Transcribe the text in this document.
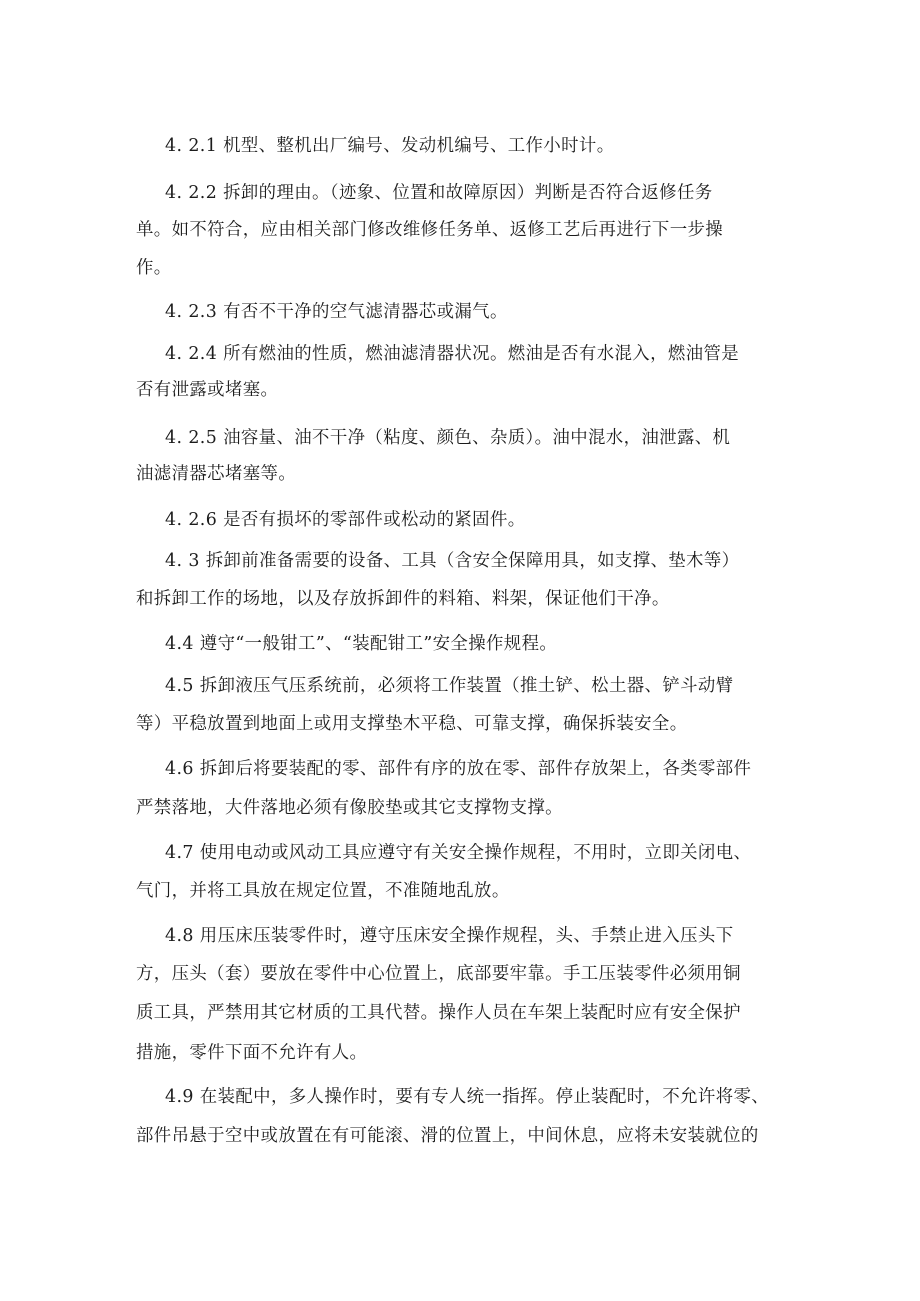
4. 2.1 机型、整机出厂编号、发动机编号、工作小时计。
4. 2.2 拆卸的理由。（迹象、位置和故障原因）判断是否符合返修任务
单。如不符合，应由相关部门修改维修任务单、返修工艺后再进行下一步操
作。
4. 2.3 有否不干净的空气滤清器芯或漏气。
4. 2.4 所有燃油的性质，燃油滤清器状况。燃油是否有水混入，燃油管是
否有泄露或堵塞。
4. 2.5 油容量、油不干净（粘度、颜色、杂质）。油中混水，油泄露、机
油滤清器芯堵塞等。
4. 2.6 是否有损坏的零部件或松动的紧固件。
4. 3 拆卸前准备需要的设备、工具（含安全保障用具，如支撑、垫木等）
和拆卸工作的场地，以及存放拆卸件的料箱、料架，保证他们干净。
4.4 遵守“一般钳工”、“装配钳工”安全操作规程。
4.5 拆卸液压气压系统前，必须将工作装置（推土铲、松土器、铲斗动臂
等）平稳放置到地面上或用支撑垫木平稳、可靠支撑，确保拆装安全。
4.6 拆卸后将要装配的零、部件有序的放在零、部件存放架上，各类零部件
严禁落地，大件落地必须有像胶垫或其它支撑物支撑。
4.7 使用电动或风动工具应遵守有关安全操作规程，不用时，立即关闭电、
气门，并将工具放在规定位置，不准随地乱放。
4.8 用压床压装零件时，遵守压床安全操作规程，头、手禁止进入压头下
方，压头（套）要放在零件中心位置上，底部要牢靠。手工压装零件必须用铜
质工具，严禁用其它材质的工具代替。操作人员在车架上装配时应有安全保护
措施，零件下面不允许有人。
4.9 在装配中，多人操作时，要有专人统一指挥。停止装配时，不允许将零、
部件吊悬于空中或放置在有可能滚、滑的位置上，中间休息，应将未安装就位的
